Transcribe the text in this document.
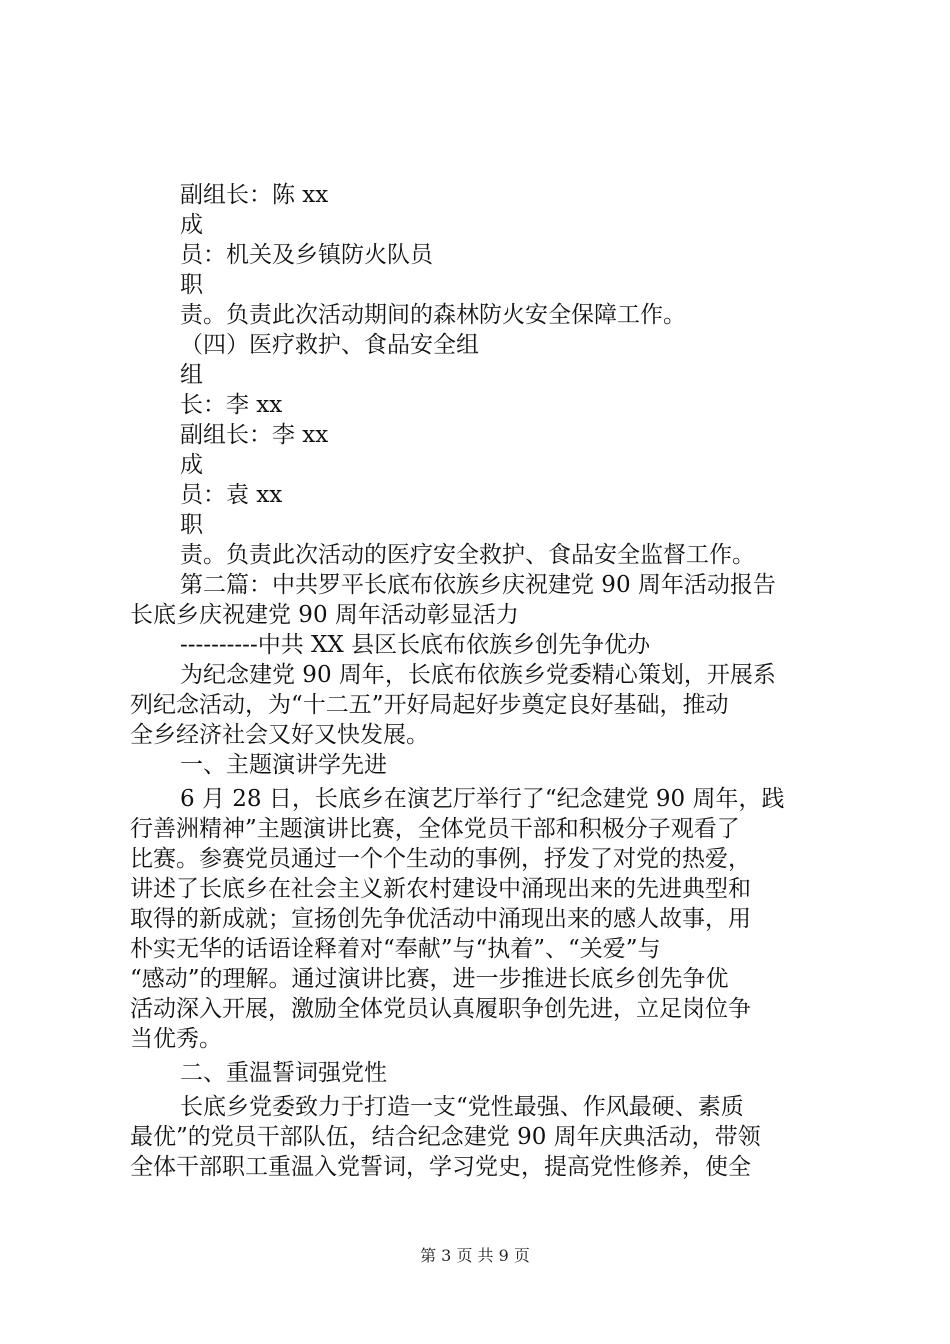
副组长：陈 xx
成
员：机关及乡镇防火队员
职
责。负责此次活动期间的森林防火安全保障工作。
（四）医疗救护、食品安全组
组
长：李 xx
副组长：李 xx
成
员：袁 xx
职
责。负责此次活动的医疗安全救护、食品安全监督工作。
第二篇：中共罗平长底布依族乡庆祝建党 90 周年活动报告
长底乡庆祝建党 90 周年活动彰显活力
----------中共 XX 县区长底布依族乡创先争优办
为纪念建党 90 周年，长底布依族乡党委精心策划，开展系
列纪念活动，为“十二五”开好局起好步奠定良好基础，推动
全乡经济社会又好又快发展。
一、主题演讲学先进
6 月 28 日，长底乡在演艺厅举行了“纪念建党 90 周年，践
行善洲精神”主题演讲比赛，全体党员干部和积极分子观看了
比赛。参赛党员通过一个个生动的事例，抒发了对党的热爱，
讲述了长底乡在社会主义新农村建设中涌现出来的先进典型和
取得的新成就；宣扬创先争优活动中涌现出来的感人故事，用
朴实无华的话语诠释着对“奉献”与“执着”、“关爱”与
“感动”的理解。通过演讲比赛，进一步推进长底乡创先争优
活动深入开展，激励全体党员认真履职争创先进，立足岗位争
当优秀。
二、重温誓词强党性
长底乡党委致力于打造一支“党性最强、作风最硬、素质
最优”的党员干部队伍，结合纪念建党 90 周年庆典活动，带领
全体干部职工重温入党誓词，学习党史，提高党性修养，使全
第 3 页 共 9 页
